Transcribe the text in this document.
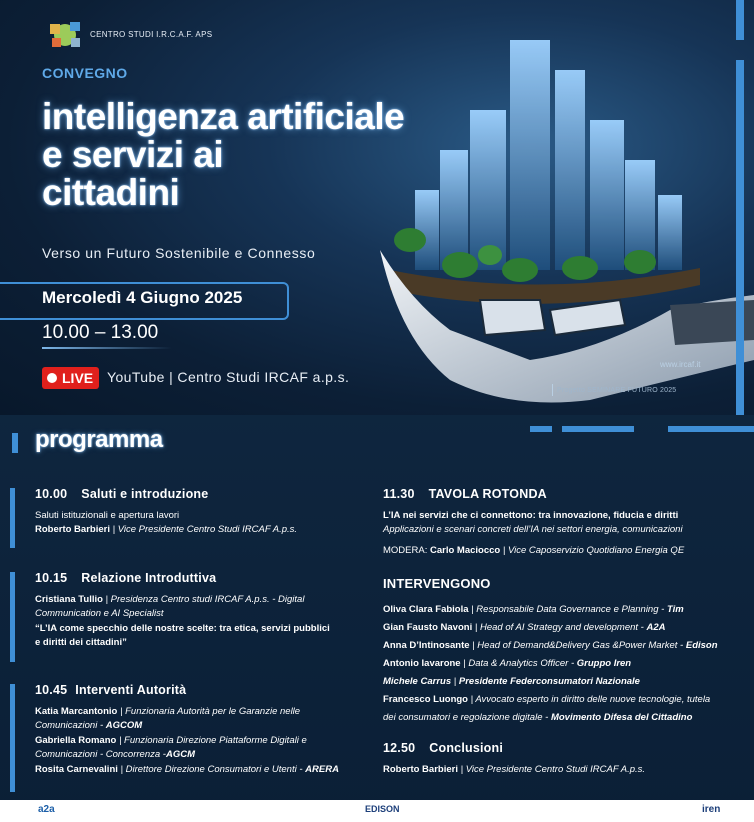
CENTRO STUDI I.R.C.A.F. APS
CONVEGNO
intelligenza artificiale
e servizi ai
cittadini
Verso un Futuro Sostenibile e Connesso
Mercoledì 4 Giugno 2025
10.00 – 13.00
LIVE YouTube | Centro Studi IRCAF a.p.s.
www.ircaf.it
Progetto SEMINARE FUTURO 2025
programma
10.00 Saluti e introduzione
Saluti istituzionali e apertura lavori
Roberto Barbieri | Vice Presidente Centro Studi IRCAF A.p.s.
10.15 Relazione Introduttiva
Cristiana Tullio | Presidenza Centro studi IRCAF A.p.s. - Digital
Communication e AI Specialist
“L’IA come specchio delle nostre scelte: tra etica, servizi pubblici
e diritti dei cittadini”
10.45 Interventi Autorità
Katia Marcantonio | Funzionaria Autorità per le Garanzie nelle
Comunicazioni - AGCOM
Gabriella Romano | Funzionaria Direzione Piattaforme Digitali e
Comunicazioni - Concorrenza -AGCM
Rosita Carnevalini | Direttore Direzione Consumatori e Utenti - ARERA
11.30 TAVOLA ROTONDA
L’IA nei servizi che ci connettono: tra innovazione, fiducia e diritti
Applicazioni e scenari concreti dell’IA nei settori energia, comunicazioni
MODERA: Carlo Maciocco | Vice Caposervizio Quotidiano Energia QE
INTERVENGONO
Oliva Clara Fabiola | Responsabile Data Governance e Planning - Tim
Gian Fausto Navoni | Head of AI Strategy and development - A2A
Anna D’Intinosante | Head of Demand&Delivery Gas &Power Market - Edison
Antonio Iavarone | Data & Analytics Officer - Gruppo Iren
Michele Carrus | Presidente Federconsumatori Nazionale
Francesco Luongo | Avvocato esperto in diritto delle nuove tecnologie, tutela
dei consumatori e regolazione digitale - Movimento Difesa del Cittadino
12.50 Conclusioni
Roberto Barbieri | Vice Presidente Centro Studi IRCAF A.p.s.
a2a	EDISON	iren
